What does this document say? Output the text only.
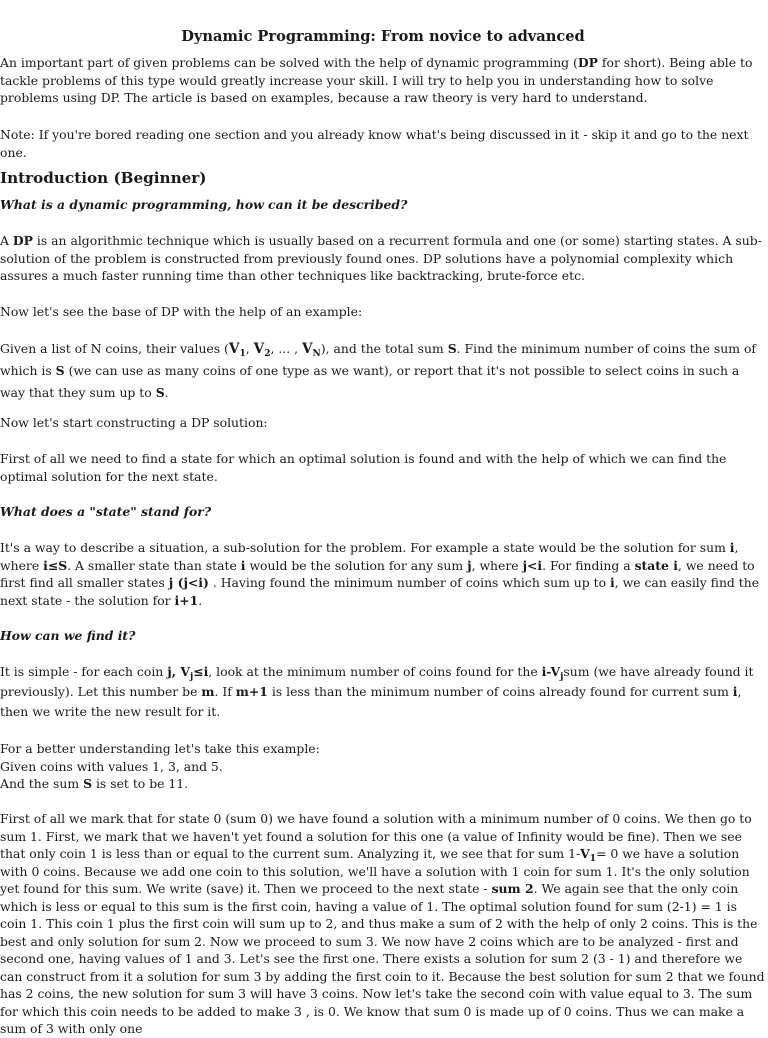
Dynamic Programming: From novice to advanced

An important part of given problems can be solved with the help of dynamic programming (DP for short). Being able to tackle problems of this type would greatly increase your skill. I will try to help you in understanding how to solve problems using DP. The article is based on examples, because a raw theory is very hard to understand.

Note: If you're bored reading one section and you already know what's being discussed in it - skip it and go to the next one.

Introduction (Beginner)

What is a dynamic programming, how can it be described?

A DP is an algorithmic technique which is usually based on a recurrent formula and one (or some) starting states. A sub-solution of the problem is constructed from previously found ones. DP solutions have a polynomial complexity which assures a much faster running time than other techniques like backtracking, brute-force etc.

Now let's see the base of DP with the help of an example:

Given a list of N coins, their values ($V_1$, $V_2$, ... , $V_N$), and the total sum S. Find the minimum number of coins the sum of which is S (we can use as many coins of one type as we want), or report that it's not possible to select coins in such a way that they sum up to S.

Now let's start constructing a DP solution:

First of all we need to find a state for which an optimal solution is found and with the help of which we can find the optimal solution for the next state.

What does a "state" stand for?

It's a way to describe a situation, a sub-solution for the problem. For example a state would be the solution for sum i, where i≤S. A smaller state than state i would be the solution for any sum j, where j<i. For finding a state i, we need to first find all smaller states j (j<i) . Having found the minimum number of coins which sum up to i, we can easily find the next state - the solution for i+1.

How can we find it?

It is simple - for each coin j, $V_j\le i$, look at the minimum number of coins found for the $i-V_jsum$ (we have already found it previously). Let this number be m. If m+1 is less than the minimum number of coins already found for current sum i, then we write the new result for it.

For a better understanding let's take this example:
Given coins with values 1, 3, and 5.
And the sum S is set to be 11.

First of all we mark that for state 0 (sum 0) we have found a solution with a minimum number of 0 coins. We then go to sum 1. First, we mark that we haven't yet found a solution for this one (a value of Infinity would be fine). Then we see that only coin 1 is less than or equal to the current sum. Analyzing it, we see that for sum $1-V_1= 0$ we have a solution with 0 coins. Because we add one coin to this solution, we'll have a solution with 1 coin for sum 1. It's the only solution yet found for this sum. We write (save) it. Then we proceed to the next state - sum 2. We again see that the only coin which is less or equal to this sum is the first coin, having a value of 1. The optimal solution found for sum (2-1) = 1 is coin 1. This coin 1 plus the first coin will sum up to 2, and thus make a sum of 2 with the help of only 2 coins. This is the best and only solution for sum 2. Now we proceed to sum 3. We now have 2 coins which are to be analyzed - first and second one, having values of 1 and 3. Let's see the first one. There exists a solution for sum 2 (3 - 1) and therefore we can construct from it a solution for sum 3 by adding the first coin to it. Because the best solution for sum 2 that we found has 2 coins, the new solution for sum 3 will have 3 coins. Now let's take the second coin with value equal to 3. The sum for which this coin needs to be added to make 3 , is 0. We know that sum 0 is made up of 0 coins. Thus we can make a sum of 3 with only one
